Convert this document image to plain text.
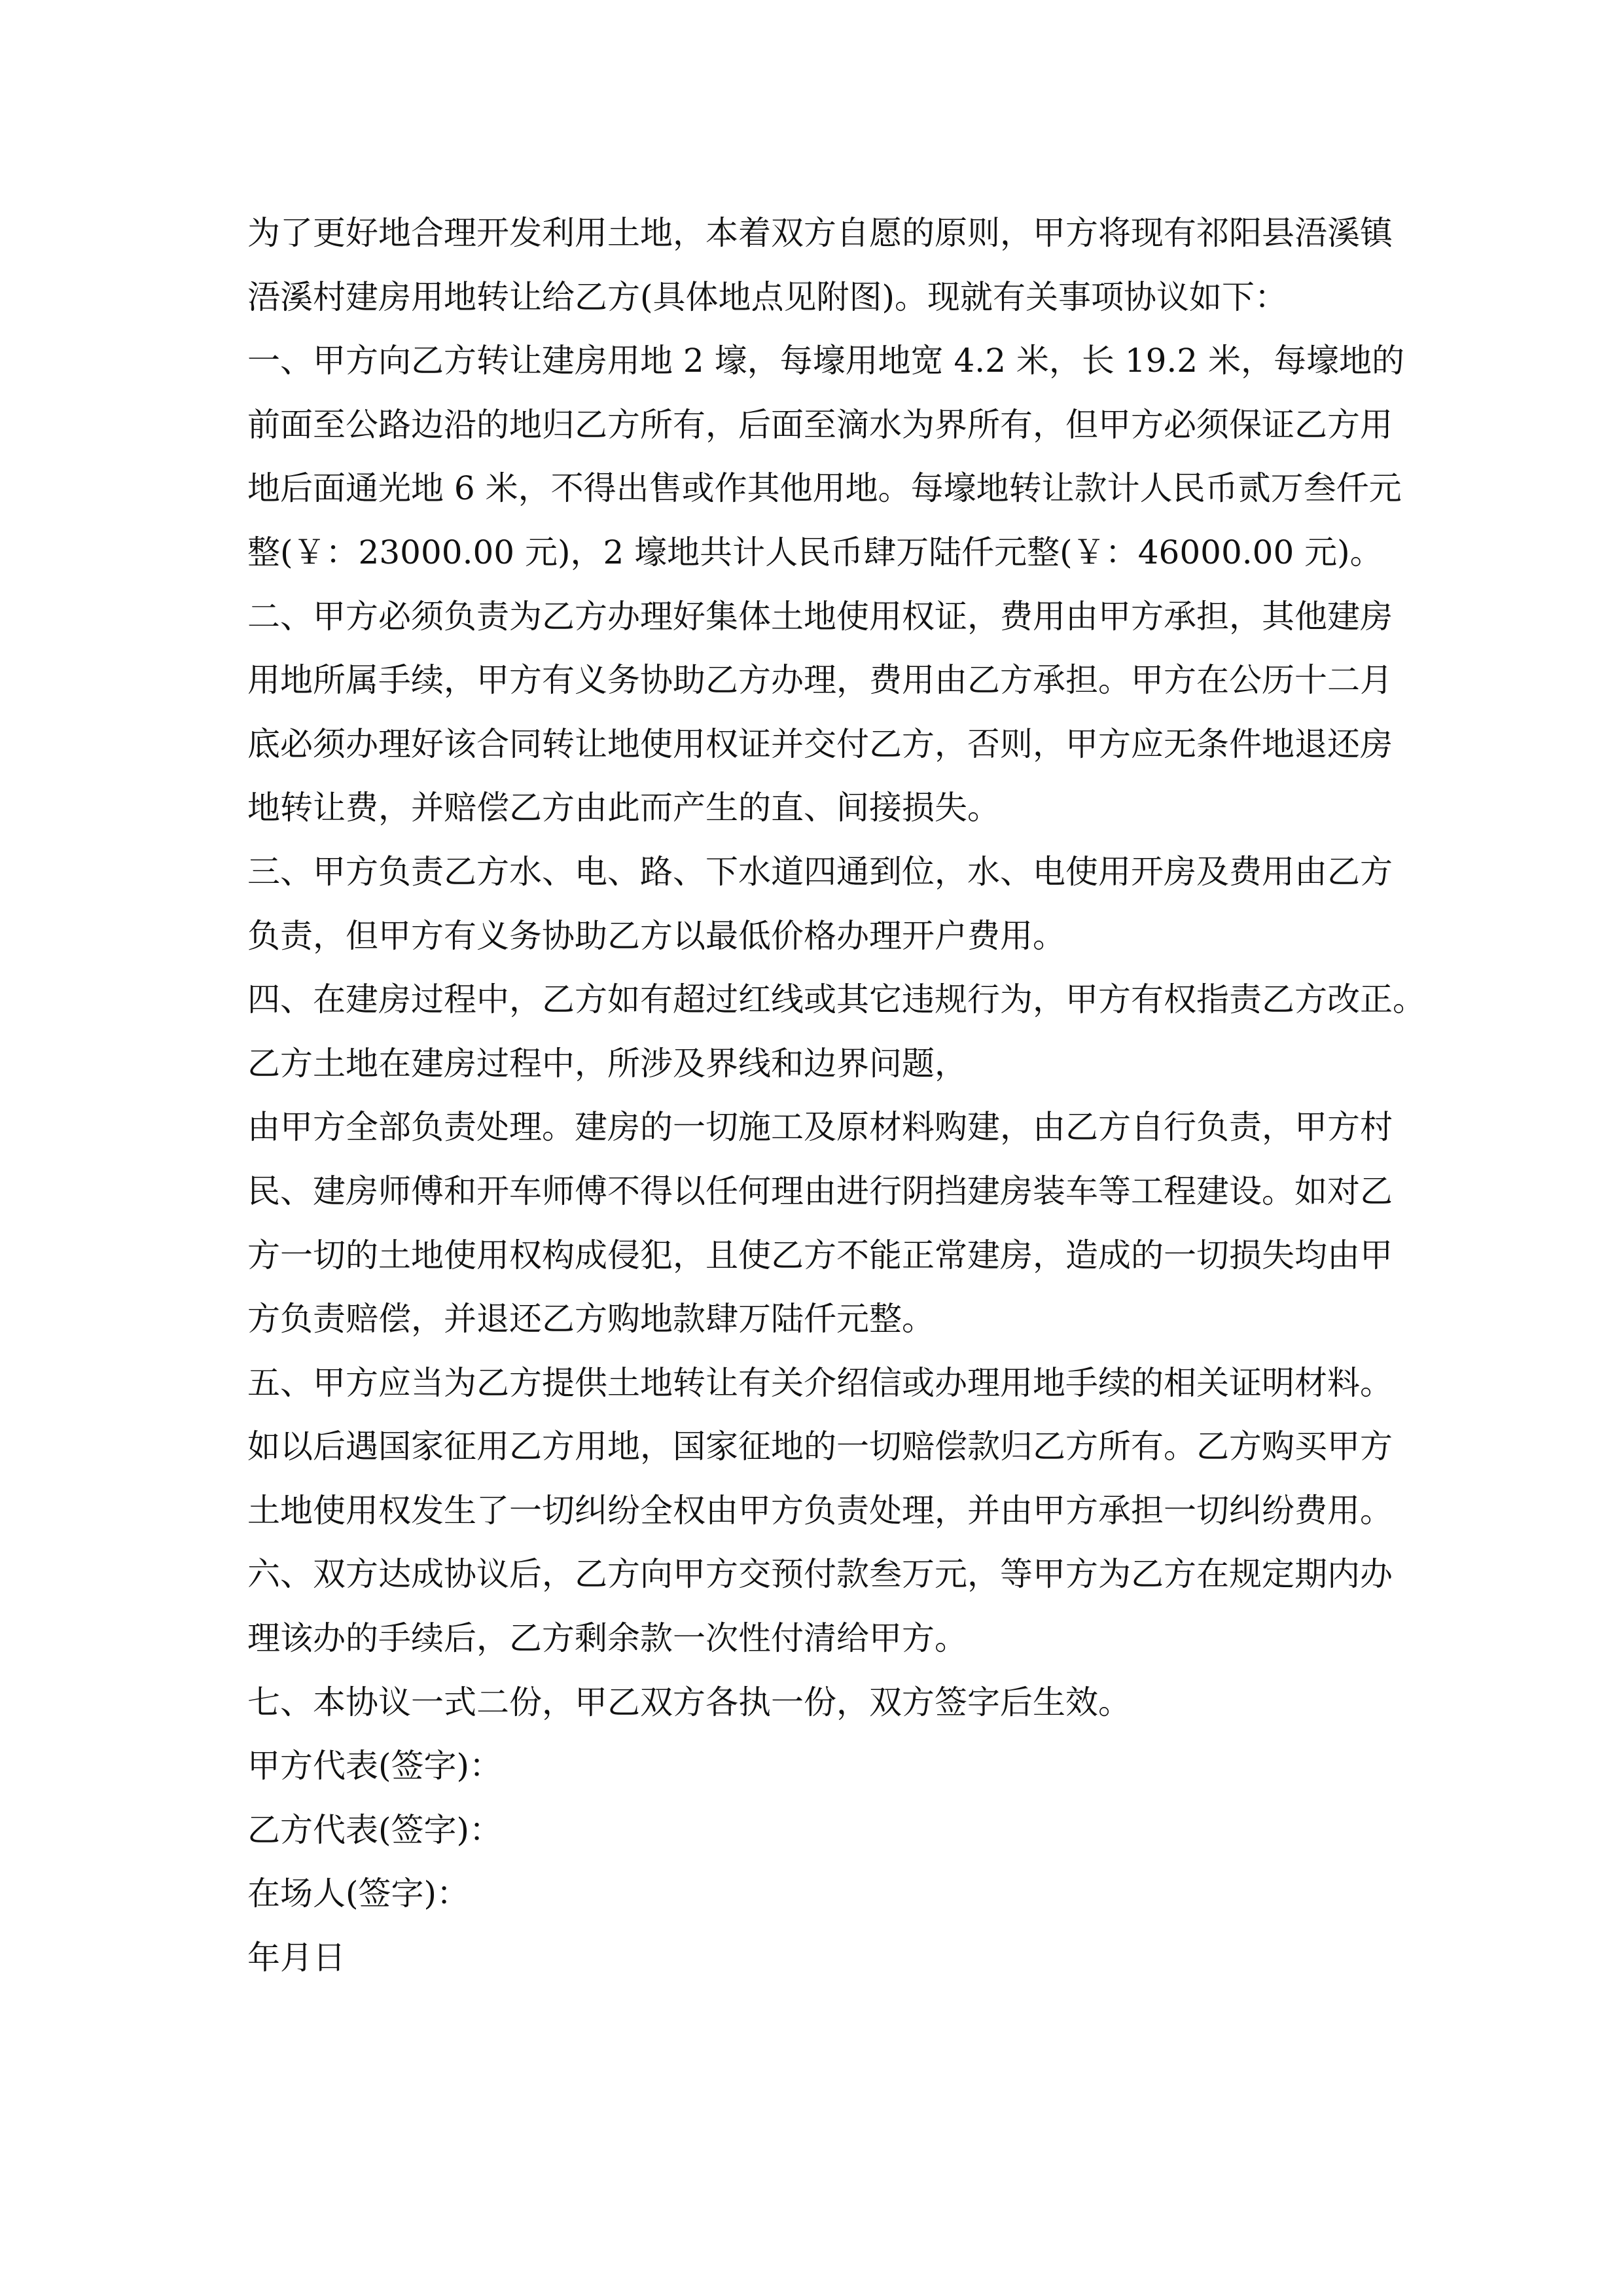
为了更好地合理开发利用土地，本着双方自愿的原则，甲方将现有祁阳县浯溪镇
浯溪村建房用地转让给乙方(具体地点见附图)。现就有关事项协议如下：
一、甲方向乙方转让建房用地 2 壕，每壕用地宽 4.2 米，长 19.2 米，每壕地的
前面至公路边沿的地归乙方所有，后面至滴水为界所有，但甲方必须保证乙方用
地后面通光地 6 米，不得出售或作其他用地。每壕地转让款计人民币贰万叁仟元
整(￥：23000.00 元)，2 壕地共计人民币肆万陆仟元整(￥：46000.00 元)。
二、甲方必须负责为乙方办理好集体土地使用权证，费用由甲方承担，其他建房
用地所属手续，甲方有义务协助乙方办理，费用由乙方承担。甲方在公历十二月
底必须办理好该合同转让地使用权证并交付乙方，否则，甲方应无条件地退还房
地转让费，并赔偿乙方由此而产生的直、间接损失。
三、甲方负责乙方水、电、路、下水道四通到位，水、电使用开房及费用由乙方
负责，但甲方有义务协助乙方以最低价格办理开户费用。
四、在建房过程中，乙方如有超过红线或其它违规行为，甲方有权指责乙方改正。
乙方土地在建房过程中，所涉及界线和边界问题，
由甲方全部负责处理。建房的一切施工及原材料购建，由乙方自行负责，甲方村
民、建房师傅和开车师傅不得以任何理由进行阴挡建房装车等工程建设。如对乙
方一切的土地使用权构成侵犯，且使乙方不能正常建房，造成的一切损失均由甲
方负责赔偿，并退还乙方购地款肆万陆仟元整。
五、甲方应当为乙方提供土地转让有关介绍信或办理用地手续的相关证明材料。
如以后遇国家征用乙方用地，国家征地的一切赔偿款归乙方所有。乙方购买甲方
土地使用权发生了一切纠纷全权由甲方负责处理，并由甲方承担一切纠纷费用。
六、双方达成协议后，乙方向甲方交预付款叁万元，等甲方为乙方在规定期内办
理该办的手续后，乙方剩余款一次性付清给甲方。
七、本协议一式二份，甲乙双方各执一份，双方签字后生效。
甲方代表(签字)：
乙方代表(签字)：
在场人(签字)：
年月日
